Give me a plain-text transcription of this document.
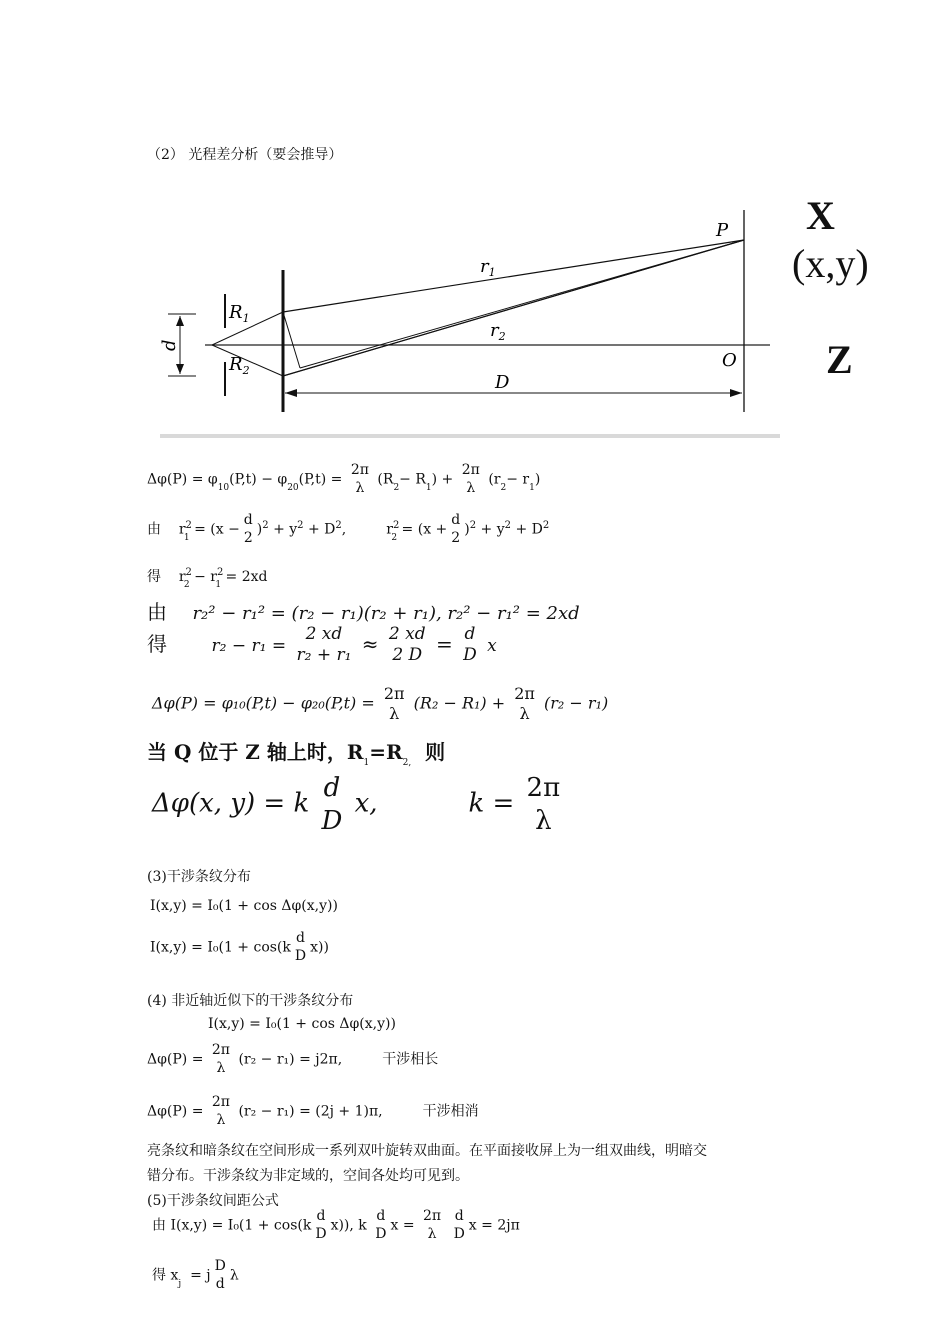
（2） 光程差分析（要会推导）
P
$r_1$
$r_2$
$R_1$
$R_2$
d
O
D
X
(x,y)
Z
$\Delta\varphi(P) = \varphi_{10}(P,t) - \varphi_{20}(P,t)$ =
2π
λ $(R_2- R_1)$ +
2π
λ $(r_2- r_1)$
由 $r^2_1 = (x$ −
d
2 )$^2 + y^2 + D^2$,	$r^2_2 = (x$ +
d
2 )$^2 + y^2 + D^2$
得 $r^2_2 - r^2_1 = 2xd$
由 r₂² − r₁² = (r₂ − r₁)(r₂ + r₁), r₂² − r₁² = 2xd
得	r₂ − r₁ =
2 xd
r₂ + r₁ ≈ 2 xd
2 D = d
D x
Δφ(P) = φ₁₀(P,t) − φ₂₀(P,t) = 2π
λ
(R₂ − R₁) + 2π
λ
(r₂ − r₁)
当 Q 位于 Z 轴上时，$R_1=R_{2,}$ 则
Δφ(x, y) = k
d
D
x,	k =
2π
λ
(3)干涉条纹分布
I(x,y) = I₀(1 + cos Δφ(x,y))
I(x,y) = I₀(1 + cos(k
d
D x))
(4) 非近轴近似下的干涉条纹分布
I(x,y) = I₀(1 + cos Δφ(x,y))
Δφ(P) =
2π
λ (r₂ − r₁) = j2π,	干涉相长
Δφ(P) =
2π
λ (r₂ − r₁) = (2j + 1)π,	干涉相消
亮条纹和暗条纹在空间形成一系列双叶旋转双曲面。在平面接收屏上为一组双曲线，明暗交
错分布。干涉条纹为非定域的，空间各处均可见到。
(5)干涉条纹间距公式
由 I(x,y) = I₀(1 + cos(k
d
D x)), k
d
D x =
2π
λ

d
D x = 2jπ
得 $x_j = j$
D
d λ
